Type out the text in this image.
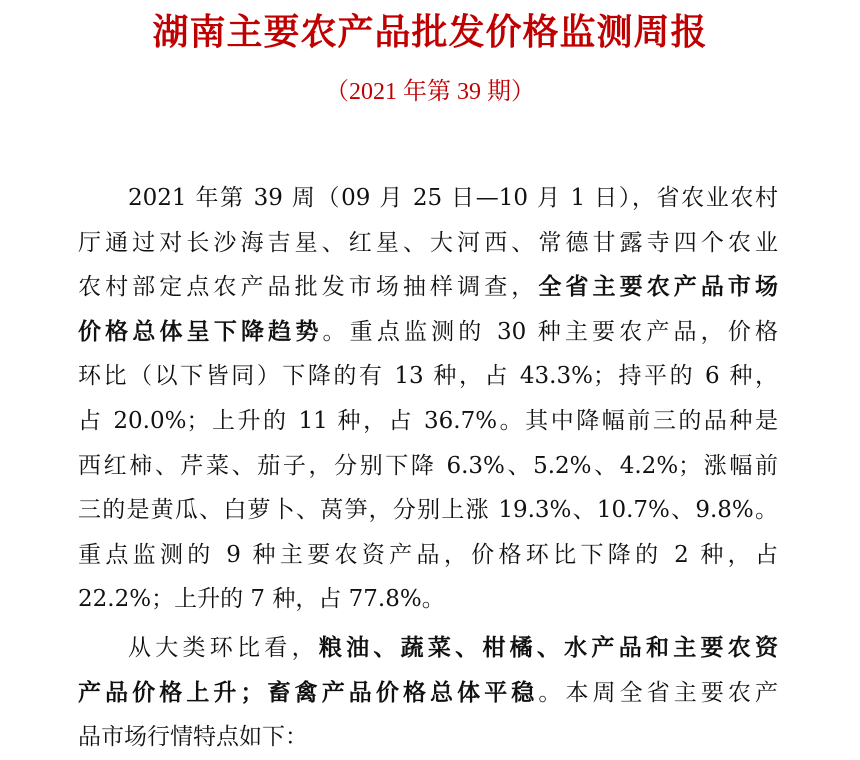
湖南主要农产品批发价格监测周报
（2021 年第 39 期）
2021 年第 39 周（09 月 25 日—10 月 1 日），省农业农村
厅通过对长沙海吉星、红星、大河西、常德甘露寺四个农业
农村部定点农产品批发市场抽样调查，全省主要农产品市场
价格总体呈下降趋势。重点监测的 30 种主要农产品，价格
环比（以下皆同）下降的有 13 种，占 43.3%；持平的 6 种，
占 20.0%；上升的 11 种，占 36.7%。其中降幅前三的品种是
西红柿、芹菜、茄子，分别下降 6.3%、5.2%、4.2%；涨幅前
三的是黄瓜、白萝卜、莴笋，分别上涨 19.3%、10.7%、9.8%。
重点监测的 9 种主要农资产品，价格环比下降的 2 种，占
22.2%；上升的 7 种，占 77.8%。
从大类环比看，粮油、蔬菜、柑橘、水产品和主要农资
产品价格上升；畜禽产品价格总体平稳。本周全省主要农产
品市场行情特点如下：
